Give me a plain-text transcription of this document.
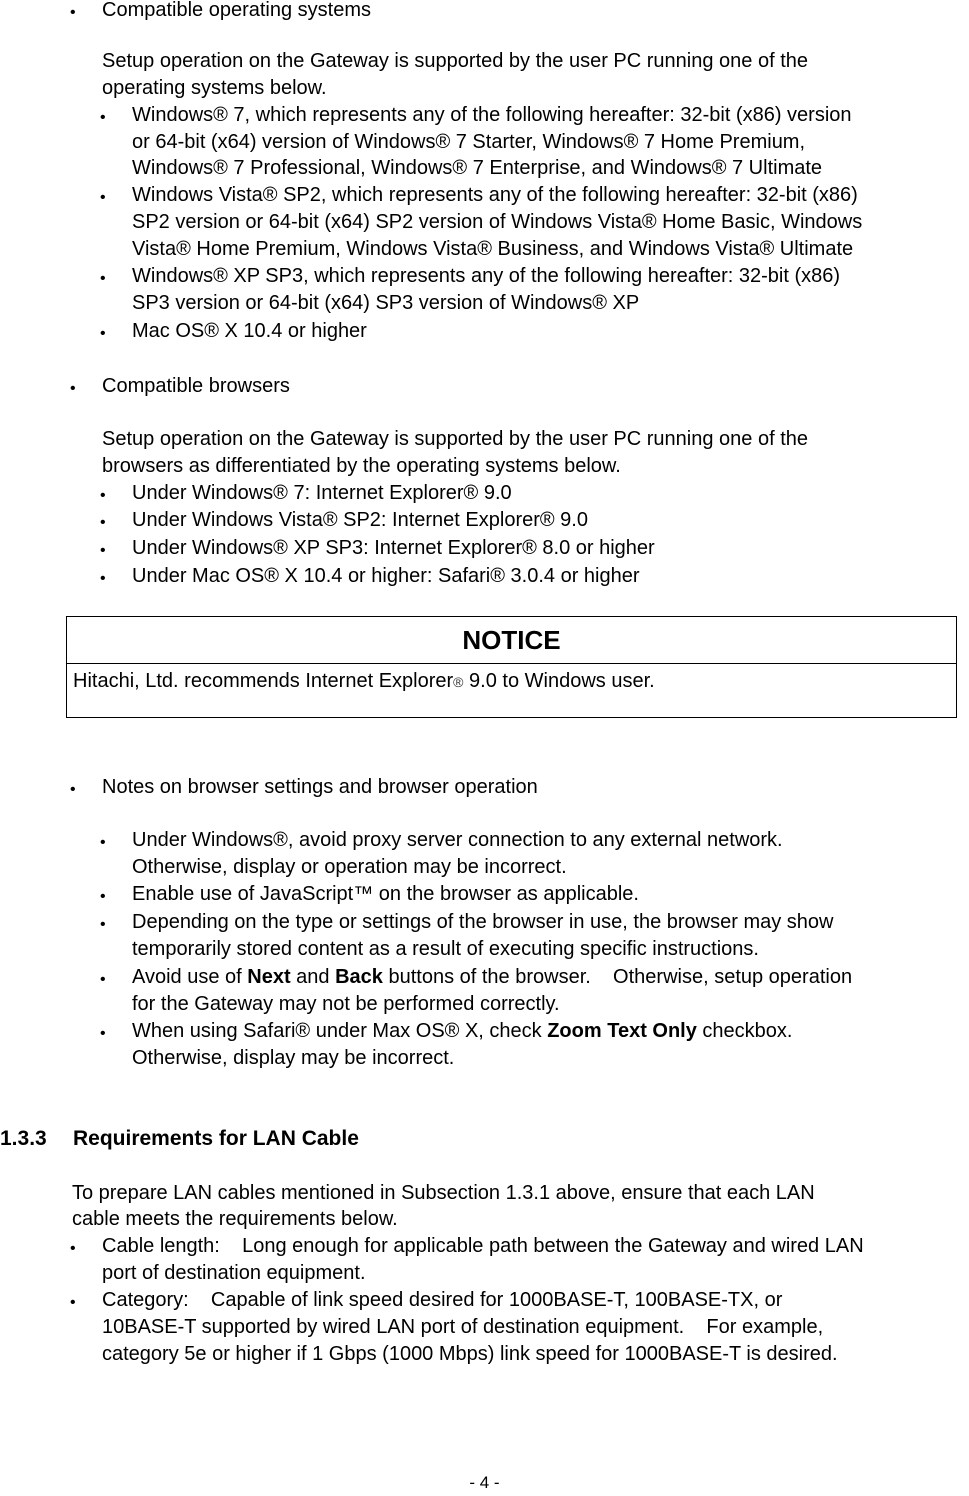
• Compatible operating systems
Setup operation on the Gateway is supported by the user PC running one of the
operating systems below.
• Windows® 7, which represents any of the following hereafter: 32-bit (x86) version
or 64-bit (x64) version of Windows® 7 Starter, Windows® 7 Home Premium,
Windows® 7 Professional, Windows® 7 Enterprise, and Windows® 7 Ultimate
• Windows Vista® SP2, which represents any of the following hereafter: 32-bit (x86)
SP2 version or 64-bit (x64) SP2 version of Windows Vista® Home Basic, Windows
Vista® Home Premium, Windows Vista® Business, and Windows Vista® Ultimate
• Windows® XP SP3, which represents any of the following hereafter: 32-bit (x86)
SP3 version or 64-bit (x64) SP3 version of Windows® XP
• Mac OS® X 10.4 or higher
• Compatible browsers
Setup operation on the Gateway is supported by the user PC running one of the
browsers as differentiated by the operating systems below.
• Under Windows® 7: Internet Explorer® 9.0
• Under Windows Vista® SP2: Internet Explorer® 9.0
• Under Windows® XP SP3: Internet Explorer® 8.0 or higher
• Under Mac OS® X 10.4 or higher: Safari® 3.0.4 or higher
NOTICE
Hitachi, Ltd. recommends Internet Explorer® 9.0 to Windows user.
• Notes on browser settings and browser operation
• Under Windows®, avoid proxy server connection to any external network.
Otherwise, display or operation may be incorrect.
• Enable use of JavaScript™ on the browser as applicable.
• Depending on the type or settings of the browser in use, the browser may show
temporarily stored content as a result of executing specific instructions.
• Avoid use of Next and Back buttons of the browser.    Otherwise, setup operation
for the Gateway may not be performed correctly.
• When using Safari® under Max OS® X, check Zoom Text Only checkbox.
Otherwise, display may be incorrect.
1.3.3 Requirements for LAN Cable
To prepare LAN cables mentioned in Subsection 1.3.1 above, ensure that each LAN
cable meets the requirements below.
• Cable length:    Long enough for applicable path between the Gateway and wired LAN
port of destination equipment.
• Category:    Capable of link speed desired for 1000BASE-T, 100BASE-TX, or
10BASE-T supported by wired LAN port of destination equipment.    For example,
category 5e or higher if 1 Gbps (1000 Mbps) link speed for 1000BASE-T is desired.
- 4 -
